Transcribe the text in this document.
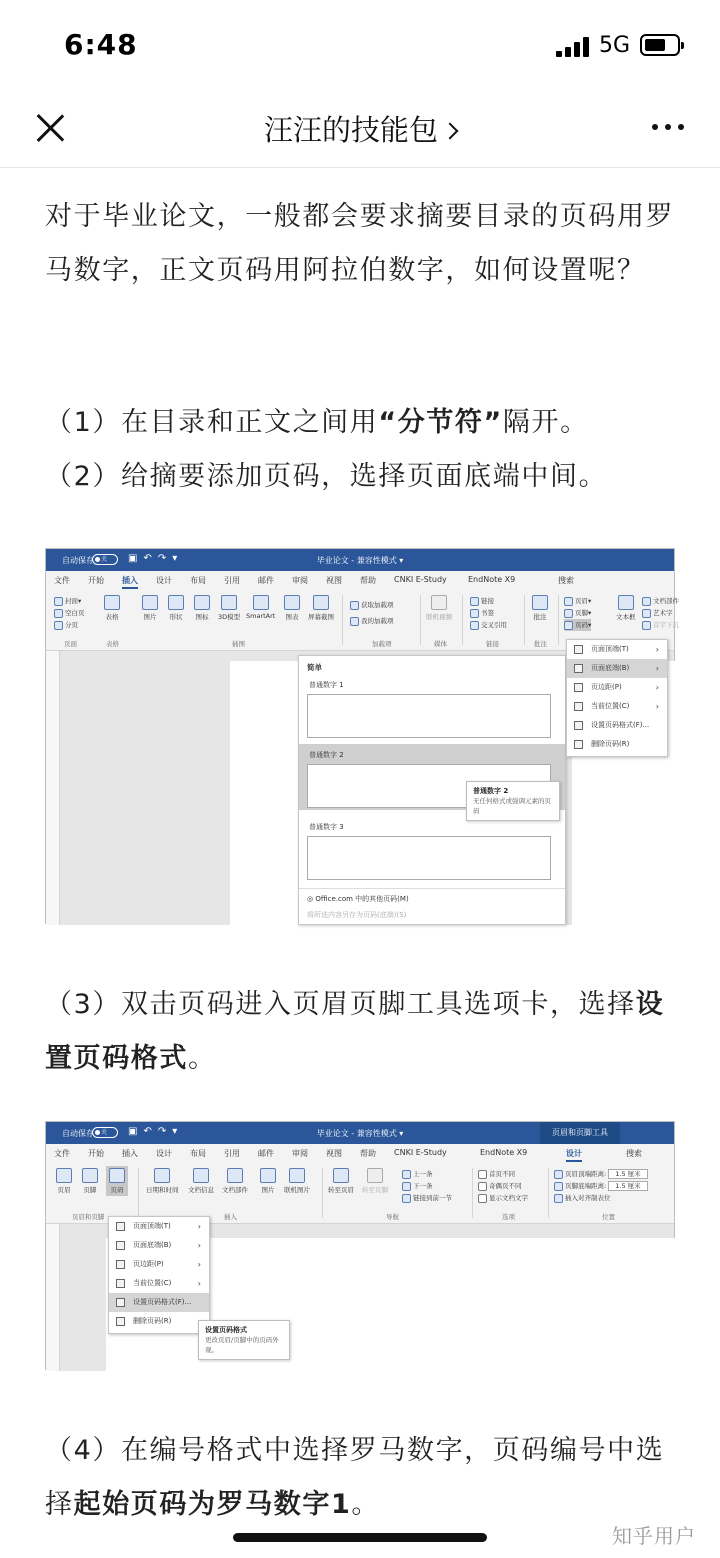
6:48	5G
汪汪的技能包
对于毕业论文，一般都会要求摘要目录的页码用罗马数字，正文页码用阿拉伯数字，如何设置呢？
（1）在目录和正文之间用“分节符”隔开。
（2）给摘要添加页码，选择页面底端中间。
自动保存	关	▣↶↷▾	毕业论文 - 兼容性模式 ▾
文件 开始 插入 设计 布局 引用 邮件 审阅 视图 帮助 CNKI E-Study	EndNote X9	搜索
封面▾
空白页
分页
表格	图片 形状 图标 3D模型 SmartArt 图表 屏幕截图
获取加载项
我的加载项	联机视频
链接
书签
交叉引用
批注
页眉▾
页脚▾
页码▾
文本框
文档部件
艺术字
首字下沉
页面	表格	插图	加载项	媒体	链接	批注
简单
普通数字 1
普通数字 2
普通数字 3
◎ Office.com 中的其他页码(M)
将所选内容另存为页码(底端)(S)
普通数字 2
无任何格式或强调元素的页码
页面顶端(T)	›
页面底端(B)	›
页边距(P)	›
当前位置(C)	›
设置页码格式(F)...
删除页码(R)
（3）双击页码进入页眉页脚工具选项卡，选择设置页码格式。
自动保存	关	▣↶↷▾	毕业论文 - 兼容性模式 ▾	页眉和页脚工具
文件 开始 插入 设计 布局 引用 邮件 审阅 视图 帮助 CNKI E-Study	EndNote X9	设计	搜索
页眉 页脚	页码	日期和时间 文档信息 文档部件 图片 联机图片	转至页眉 转至页脚
上一条
下一条
链接到前一节
首页不同
奇偶页不同
显示文档文字
页眉顶端距离: 1.5 厘米
页脚底端距离: 1.5 厘米
插入对齐制表位
页眉和页脚	插入	导航	选项	位置
页面顶端(T)	›
页面底端(B)	›
页边距(P)	›
当前位置(C)	›
设置页码格式(F)...
删除页码(R)
设置页码格式
更改页眉/页脚中的页码外观。
（4）在编号格式中选择罗马数字，页码编号中选择起始页码为罗马数字1。
知乎用户
